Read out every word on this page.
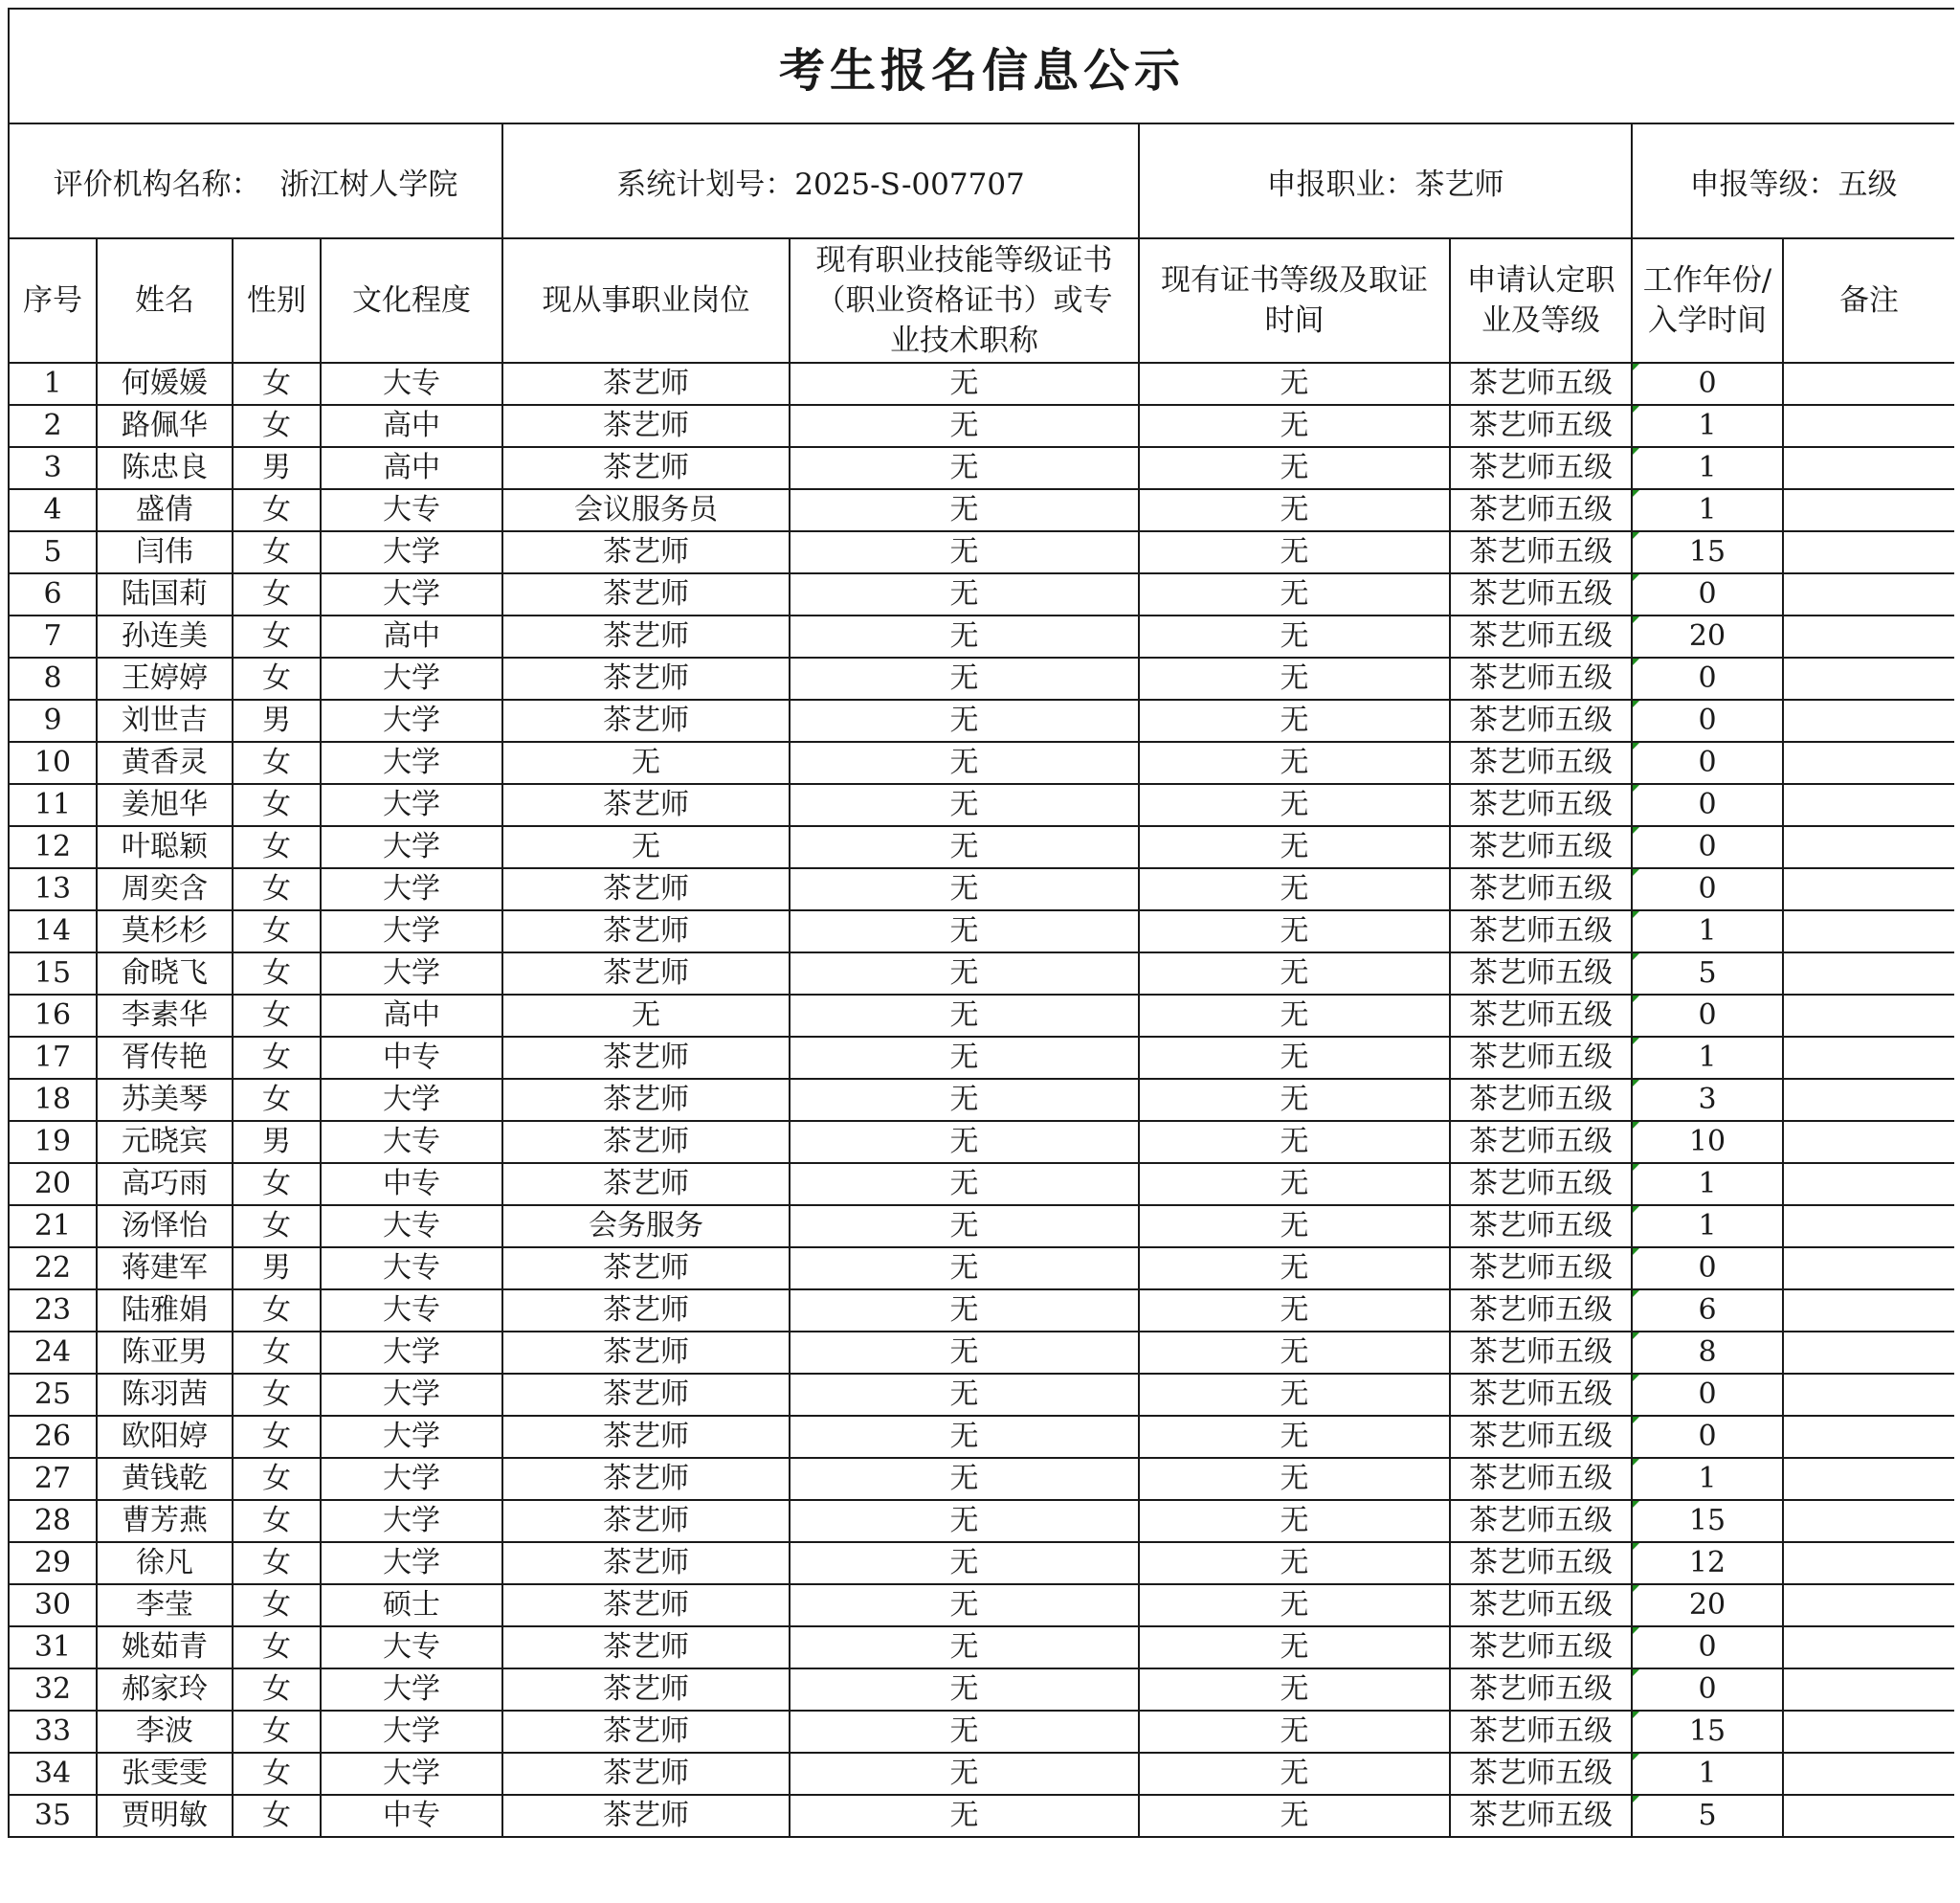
考生报名信息公示									
评价机构名称：  浙江树人学院				系统计划号：2025-S-007707		申报职业：茶艺师		申报等级：五级	
序号	姓名	性别	文化程度	现从事职业岗位	现有职业技能等级证书（职业资格证书）或专业技术职称	现有证书等级及取证时间	申请认定职业及等级	工作年份/入学时间	备注
1	何媛媛	女	大专	茶艺师	无	无	茶艺师五级	0	
2	路佩华	女	高中	茶艺师	无	无	茶艺师五级	1	
3	陈忠良	男	高中	茶艺师	无	无	茶艺师五级	1	
4	盛倩	女	大专	会议服务员	无	无	茶艺师五级	1	
5	闫伟	女	大学	茶艺师	无	无	茶艺师五级	15	
6	陆国莉	女	大学	茶艺师	无	无	茶艺师五级	0	
7	孙连美	女	高中	茶艺师	无	无	茶艺师五级	20	
8	王婷婷	女	大学	茶艺师	无	无	茶艺师五级	0	
9	刘世吉	男	大学	茶艺师	无	无	茶艺师五级	0	
10	黄香灵	女	大学	无	无	无	茶艺师五级	0	
11	姜旭华	女	大学	茶艺师	无	无	茶艺师五级	0	
12	叶聪颖	女	大学	无	无	无	茶艺师五级	0	
13	周奕含	女	大学	茶艺师	无	无	茶艺师五级	0	
14	莫杉杉	女	大学	茶艺师	无	无	茶艺师五级	1	
15	俞晓飞	女	大学	茶艺师	无	无	茶艺师五级	5	
16	李素华	女	高中	无	无	无	茶艺师五级	0	
17	胥传艳	女	中专	茶艺师	无	无	茶艺师五级	1	
18	苏美琴	女	大学	茶艺师	无	无	茶艺师五级	3	
19	元晓宾	男	大专	茶艺师	无	无	茶艺师五级	10	
20	高巧雨	女	中专	茶艺师	无	无	茶艺师五级	1	
21	汤怿怡	女	大专	会务服务	无	无	茶艺师五级	1	
22	蒋建军	男	大专	茶艺师	无	无	茶艺师五级	0	
23	陆雅娟	女	大专	茶艺师	无	无	茶艺师五级	6	
24	陈亚男	女	大学	茶艺师	无	无	茶艺师五级	8	
25	陈羽茜	女	大学	茶艺师	无	无	茶艺师五级	0	
26	欧阳婷	女	大学	茶艺师	无	无	茶艺师五级	0	
27	黄钱乾	女	大学	茶艺师	无	无	茶艺师五级	1	
28	曹芳燕	女	大学	茶艺师	无	无	茶艺师五级	15	
29	徐凡	女	大学	茶艺师	无	无	茶艺师五级	12	
30	李莹	女	硕士	茶艺师	无	无	茶艺师五级	20	
31	姚茹青	女	大专	茶艺师	无	无	茶艺师五级	0	
32	郝家玲	女	大学	茶艺师	无	无	茶艺师五级	0	
33	李波	女	大学	茶艺师	无	无	茶艺师五级	15	
34	张雯雯	女	大学	茶艺师	无	无	茶艺师五级	1	
35	贾明敏	女	中专	茶艺师	无	无	茶艺师五级	5	
